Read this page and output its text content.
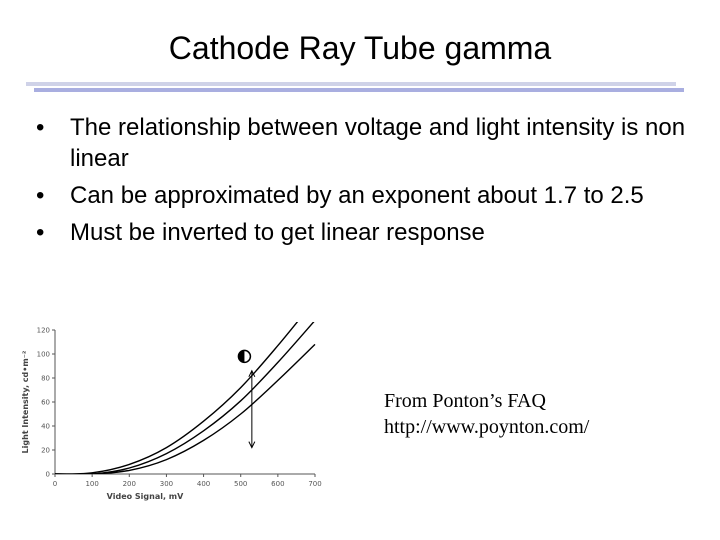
Cathode Ray Tube gamma
•	The relationship between voltage and light intensity is non linear
•	Can be approximated by an exponent about 1.7 to 2.5
•	Must be inverted to get linear response
0
20
40
60
80
100
120
0	100	200	300	400	500	600	700
Video Signal, mV
Light Intensity, cd•m⁻²	From Ponton’s FAQ
http://www.poynton.com/
